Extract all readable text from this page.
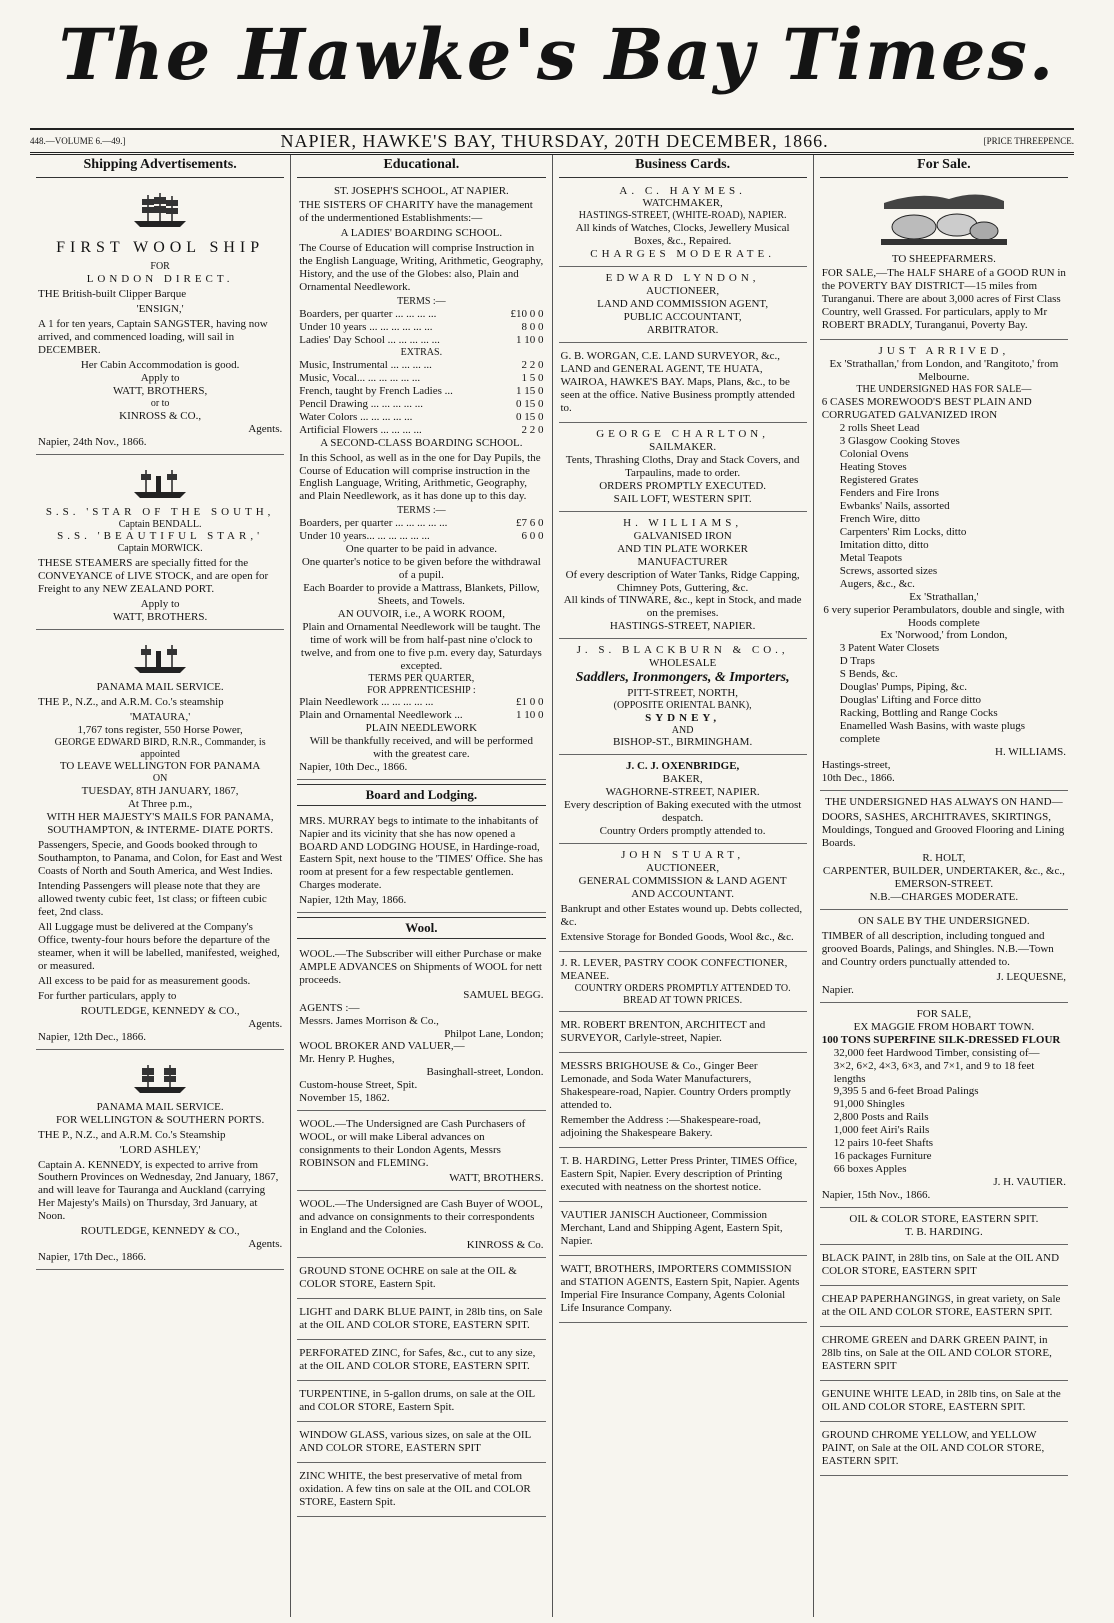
The Hawke's Bay Times.
448.—VOLUME 6.—49.]	NAPIER, HAWKE'S BAY, THURSDAY, 20TH DECEMBER, 1866.	[PRICE THREEPENCE.
Shipping Advertisements.
FIRST WOOL SHIP
FOR
LONDON DIRECT.

THE British-built Clipper Barque

'ENSIGN,'

A 1 for ten years, Captain SANGSTER, having now arrived, and commenced loading, will sail in DECEMBER.

Her Cabin Accommodation is good.
Apply to
WATT, BROTHERS,
or to
KINROSS & CO.,
Agents.
Napier, 24th Nov., 1866.
S.S. 'STAR OF THE SOUTH,
Captain BENDALL.
S.S. 'BEAUTIFUL STAR,'
Captain MORWICK.

THESE STEAMERS are specially fitted for the CONVEYANCE of LIVE STOCK, and are open for Freight to any NEW ZEALAND PORT.

Apply to
WATT, BROTHERS.
PANAMA MAIL SERVICE.

THE P., N.Z., and A.R.M. Co.'s steamship

'MATAURA,'
1,767 tons register, 550 Horse Power,
GEORGE EDWARD BIRD, R.N.R., Commander, is appointed
TO LEAVE WELLINGTON FOR PANAMA
ON
TUESDAY, 8TH JANUARY, 1867,
At Three p.m.,
WITH HER MAJESTY'S MAILS FOR PANAMA, SOUTHAMPTON, & INTERME- DIATE PORTS.

Passengers, Specie, and Goods booked through to Southampton, to Panama, and Colon, for East and West Coasts of North and South America, and West Indies.

Intending Passengers will please note that they are allowed twenty cubic feet, 1st class; or fifteen cubic feet, 2nd class.

All Luggage must be delivered at the Company's Office, twenty-four hours before the departure of the steamer, when it will be labelled, manifested, weighed, or measured.

All excess to be paid for as measurement goods.

For further particulars, apply to

ROUTLEDGE, KENNEDY & CO.,
Agents.
Napier, 12th Dec., 1866.
PANAMA MAIL SERVICE.
FOR WELLINGTON & SOUTHERN PORTS.

THE P., N.Z., and A.R.M. Co.'s Steamship

'LORD ASHLEY,'

Captain A. KENNEDY, is expected to arrive from Southern Provinces on Wednesday, 2nd January, 1867, and will leave for Tauranga and Auckland (carrying Her Majesty's Mails) on Thursday, 3rd January, at Noon.

ROUTLEDGE, KENNEDY & CO.,
Agents.
Napier, 17th Dec., 1866.
Educational.
ST. JOSEPH'S SCHOOL, AT NAPIER.

THE SISTERS OF CHARITY have the management of the undermentioned Establishments:—

A LADIES' BOARDING SCHOOL.

The Course of Education will comprise Instruction in the English Language, Writing, Arithmetic, Geography, History, and the use of the Globes: also, Plain and Ornamental Needlework.

TERMS :—
Boarders, per quarter ... ... ... ...	£10 0 0
Under 10 years ... ... ... ... ... ...	8 0 0
Ladies' Day School ... ... ... ... ...	1 10 0
EXTRAS.
Music, Instrumental ... ... ... ...	2 2 0
Music, Vocal... ... ... ... ... ...	1 5 0
French, taught by French Ladies ...	1 15 0
Pencil Drawing ... ... ... ... ...	0 15 0
Water Colors ... ... ... ... ...	0 15 0
Artificial Flowers ... ... ... ...	2 2 0
A SECOND-CLASS BOARDING SCHOOL.

In this School, as well as in the one for Day Pupils, the Course of Education will comprise instruction in the English Language, Writing, Arithmetic, Geography, and Plain Needlework, as it has done up to this day.

TERMS :—
Boarders, per quarter ... ... ... ... ...	£7 6 0
Under 10 years... ... ... ... ... ...	6 0 0
One quarter to be paid in advance.
One quarter's notice to be given before the withdrawal of a pupil.
Each Boarder to provide a Mattrass, Blankets, Pillow, Sheets, and Towels.
AN OUVOIR, i.e., A WORK ROOM,
Plain and Ornamental Needlework will be taught. The time of work will be from half-past nine o'clock to twelve, and from one to five p.m. every day, Saturdays excepted.
TERMS PER QUARTER,
FOR APPRENTICESHIP :
Plain Needlework ... ... ... ... ...	£1 0 0
Plain and Ornamental Needlework ...	1 10 0
PLAIN NEEDLEWORK
Will be thankfully received, and will be performed with the greatest care.
Napier, 10th Dec., 1866.
Board and Lodging.

MRS. MURRAY begs to intimate to the inhabitants of Napier and its vicinity that she has now opened a BOARD AND LODGING HOUSE, in Hardinge-road, Eastern Spit, next house to the 'TIMES' Office. She has room at present for a few respectable gentlemen. Charges moderate.

Napier, 12th May, 1866.
Wool.

WOOL.—The Subscriber will either Purchase or make AMPLE ADVANCES on Shipments of WOOL for nett proceeds.

SAMUEL BEGG.
AGENTS :—
Messrs. James Morrison & Co.,
Philpot Lane, London;
WOOL BROKER AND VALUER,—
Mr. Henry P. Hughes,
Basinghall-street, London.
Custom-house Street, Spit.
November 15, 1862.

WOOL.—The Undersigned are Cash Purchasers of WOOL, or will make Liberal advances on consignments to their London Agents, Messrs ROBINSON and FLEMING.

WATT, BROTHERS.

WOOL.—The Undersigned are Cash Buyer of WOOL, and advance on consignments to their correspondents in England and the Colonies.

KINROSS & Co.

GROUND STONE OCHRE on sale at the OIL & COLOR STORE, Eastern Spit.

LIGHT and DARK BLUE PAINT, in 28lb tins, on Sale at the OIL AND COLOR STORE, EASTERN SPIT.

PERFORATED ZINC, for Safes, &c., cut to any size, at the OIL AND COLOR STORE, EASTERN SPIT.

TURPENTINE, in 5-gallon drums, on sale at the OIL and COLOR STORE, Eastern Spit.

WINDOW GLASS, various sizes, on sale at the OIL AND COLOR STORE, EASTERN SPIT

ZINC WHITE, the best preservative of metal from oxidation. A few tins on sale at the OIL and COLOR STORE, Eastern Spit.

Business Cards.
A. C. HAYMES.
WATCHMAKER,
HASTINGS-STREET, (WHITE-ROAD), NAPIER.
All kinds of Watches, Clocks, Jewellery Musical Boxes, &c., Repaired.
CHARGES MODERATE.
EDWARD LYNDON,
AUCTIONEER,
LAND AND COMMISSION AGENT,
PUBLIC ACCOUNTANT,
ARBITRATOR.

G. B. WORGAN, C.E. LAND SURVEYOR, &c., LAND and GENERAL AGENT, TE HUATA, WAIROA, HAWKE'S BAY. Maps, Plans, &c., to be seen at the office. Native Business promptly attended to.

GEORGE CHARLTON,
SAILMAKER.
Tents, Thrashing Cloths, Dray and Stack Covers, and Tarpaulins, made to order.
ORDERS PROMPTLY EXECUTED.
SAIL LOFT, WESTERN SPIT.
H. WILLIAMS,
GALVANISED IRON
AND TIN PLATE WORKER
MANUFACTURER
Of every description of Water Tanks, Ridge Capping, Chimney Pots, Guttering, &c.
All kinds of TINWARE, &c., kept in Stock, and made on the premises.
HASTINGS-STREET, NAPIER.
J. S. BLACKBURN & CO.,
WHOLESALE
Saddlers, Ironmongers, & Importers,
PITT-STREET, NORTH,
(OPPOSITE ORIENTAL BANK),
SYDNEY,
AND
BISHOP-ST., BIRMINGHAM.
J. C. J. OXENBRIDGE,
BAKER,
WAGHORNE-STREET, NAPIER.
Every description of Baking executed with the utmost despatch.
Country Orders promptly attended to.
JOHN STUART,
AUCTIONEER,
GENERAL COMMISSION & LAND AGENT
AND ACCOUNTANT.

Bankrupt and other Estates wound up. Debts collected, &c.

Extensive Storage for Bonded Goods, Wool &c., &c.

J. R. LEVER, PASTRY COOK CONFECTIONER, MEANEE.
COUNTRY ORDERS PROMPTLY ATTENDED TO.
BREAD AT TOWN PRICES.

MR. ROBERT BRENTON, ARCHITECT and SURVEYOR, Carlyle-street, Napier.

MESSRS BRIGHOUSE & Co., Ginger Beer Lemonade, and Soda Water Manufacturers, Shakespeare-road, Napier. Country Orders promptly attended to.

Remember the Address :—Shakespeare-road, adjoining the Shakespeare Bakery.

T. B. HARDING, Letter Press Printer, TIMES Office, Eastern Spit, Napier. Every description of Printing executed with neatness on the shortest notice.

VAUTIER JANISCH Auctioneer, Commission Merchant, Land and Shipping Agent, Eastern Spit, Napier.

WATT, BROTHERS, IMPORTERS COMMISSION and STATION AGENTS, Eastern Spit, Napier. Agents Imperial Fire Insurance Company, Agents Colonial Life Insurance Company.

For Sale.
TO SHEEPFARMERS.

FOR SALE,—The HALF SHARE of a GOOD RUN in the POVERTY BAY DISTRICT—15 miles from Turanganui. There are about 3,000 acres of First Class Country, well Grassed. For particulars, apply to Mr ROBERT BRADLY, Turanganui, Poverty Bay.

JUST ARRIVED,
Ex 'Strathallan,' from London, and 'Rangitoto,' from Melbourne.
THE UNDERSIGNED HAS FOR SALE—
6 CASES MOREWOOD'S BEST PLAIN AND CORRUGATED GALVANIZED IRON
2 rolls Sheet Lead
3 Glasgow Cooking Stoves
Colonial Ovens
Heating Stoves
Registered Grates
Fenders and Fire Irons
Ewbanks' Nails, assorted
French Wire, ditto
Carpenters' Rim Locks, ditto
Imitation ditto, ditto
Metal Teapots
Screws, assorted sizes
Augers, &c., &c.
Ex 'Strathallan,'
6 very superior Perambulators, double and single, with Hoods complete
Ex 'Norwood,' from London,
3 Patent Water Closets
D Traps
S Bends, &c.
Douglas' Pumps, Piping, &c.
Douglas' Lifting and Force ditto
Racking, Bottling and Range Cocks
Enamelled Wash Basins, with waste plugs complete
H. WILLIAMS.
Hastings-street,
10th Dec., 1866.
THE UNDERSIGNED HAS ALWAYS ON HAND—

DOORS, SASHES, ARCHITRAVES, SKIRTINGS, Mouldings, Tongued and Grooved Flooring and Lining Boards.

R. HOLT,
CARPENTER, BUILDER, UNDERTAKER, &c., &c.,
EMERSON-STREET.
N.B.—CHARGES MODERATE.
ON SALE BY THE UNDERSIGNED.

TIMBER of all description, including tongued and grooved Boards, Palings, and Shingles. N.B.—Town and Country orders punctually attended to.

J. LEQUESNE,
Napier.
FOR SALE,
EX MAGGIE FROM HOBART TOWN.
100 TONS SUPERFINE SILK-DRESSED FLOUR
32,000 feet Hardwood Timber, consisting of—
3×2, 6×2, 4×3, 6×3, and 7×1, and 9 to 18 feet lengths
9,395 5 and 6-feet Broad Palings
91,000 Shingles
2,800 Posts and Rails
1,000 feet Airi's Rails
12 pairs 10-feet Shafts
16 packages Furniture
66 boxes Apples
J. H. VAUTIER.
Napier, 15th Nov., 1866.
OIL & COLOR STORE, EASTERN SPIT.
T. B. HARDING.

BLACK PAINT, in 28lb tins, on Sale at the OIL AND COLOR STORE, EASTERN SPIT

CHEAP PAPERHANGINGS, in great variety, on Sale at the OIL AND COLOR STORE, EASTERN SPIT.

CHROME GREEN and DARK GREEN PAINT, in 28lb tins, on Sale at the OIL AND COLOR STORE, EASTERN SPIT

GENUINE WHITE LEAD, in 28lb tins, on Sale at the OIL AND COLOR STORE, EASTERN SPIT.

GROUND CHROME YELLOW, and YELLOW PAINT, on Sale at the OIL AND COLOR STORE, EASTERN SPIT.
